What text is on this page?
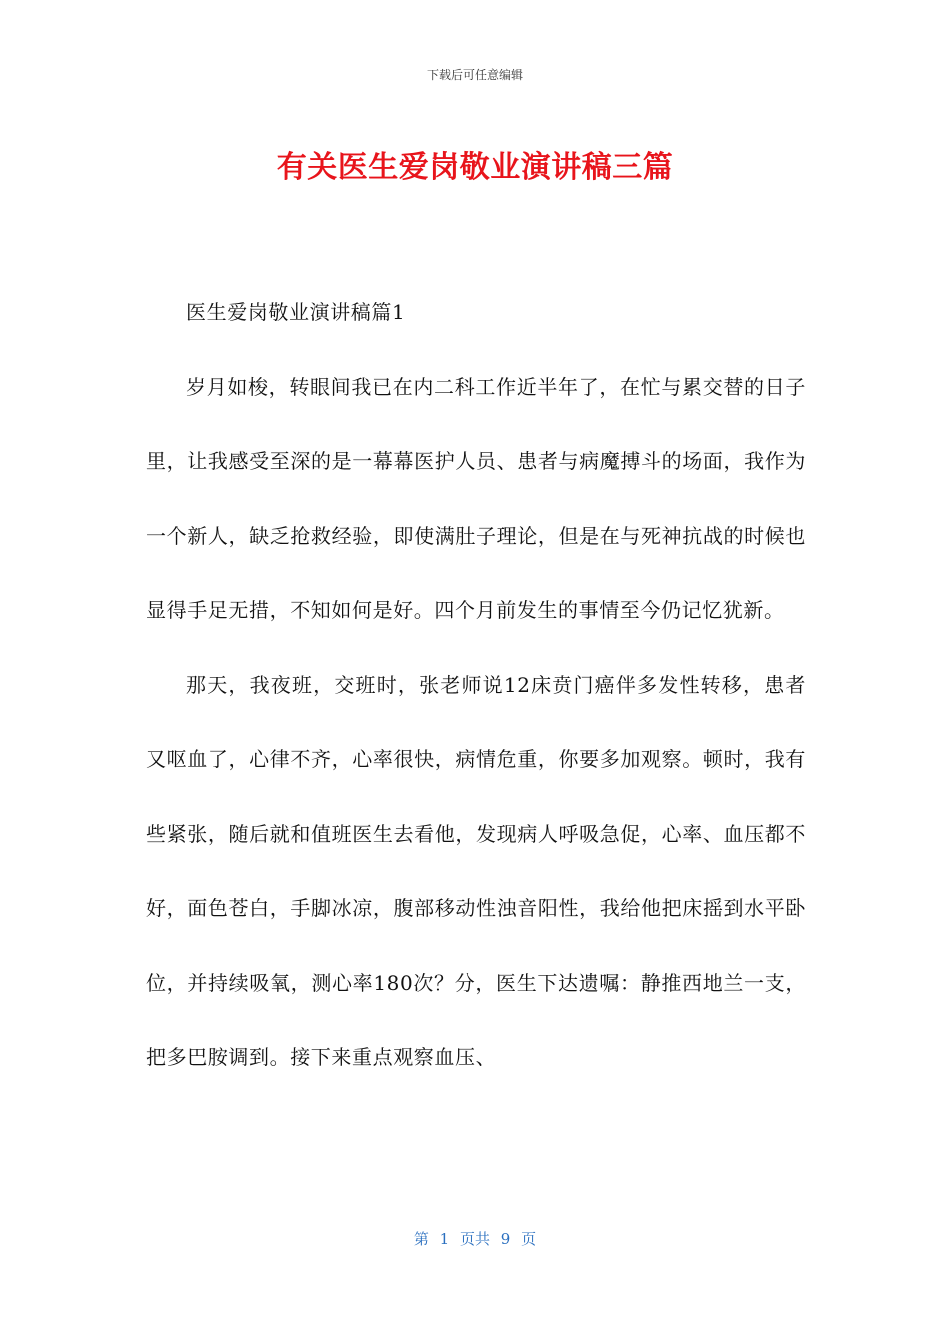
下载后可任意编辑
有关医生爱岗敬业演讲稿三篇

医生爱岗敬业演讲稿篇1

岁月如梭，转眼间我已在内二科工作近半年了，在忙与累交替的日子里，让我感受至深的是一幕幕医护人员、患者与病魔搏斗的场面，我作为一个新人，缺乏抢救经验，即使满肚子理论，但是在与死神抗战的时候也显得手足无措，不知如何是好。四个月前发生的事情至今仍记忆犹新。

那天，我夜班，交班时，张老师说12床贲门癌伴多发性转移，患者又呕血了，心律不齐，心率很快，病情危重，你要多加观察。顿时，我有些紧张，随后就和值班医生去看他，发现病人呼吸急促，心率、血压都不好，面色苍白，手脚冰凉，腹部移动性浊音阳性，我给他把床摇到水平卧位，并持续吸氧，测心率180次？分，医生下达遗嘱：静推西地兰一支，把多巴胺调到。接下来重点观察血压、

第 1 页共 9 页
